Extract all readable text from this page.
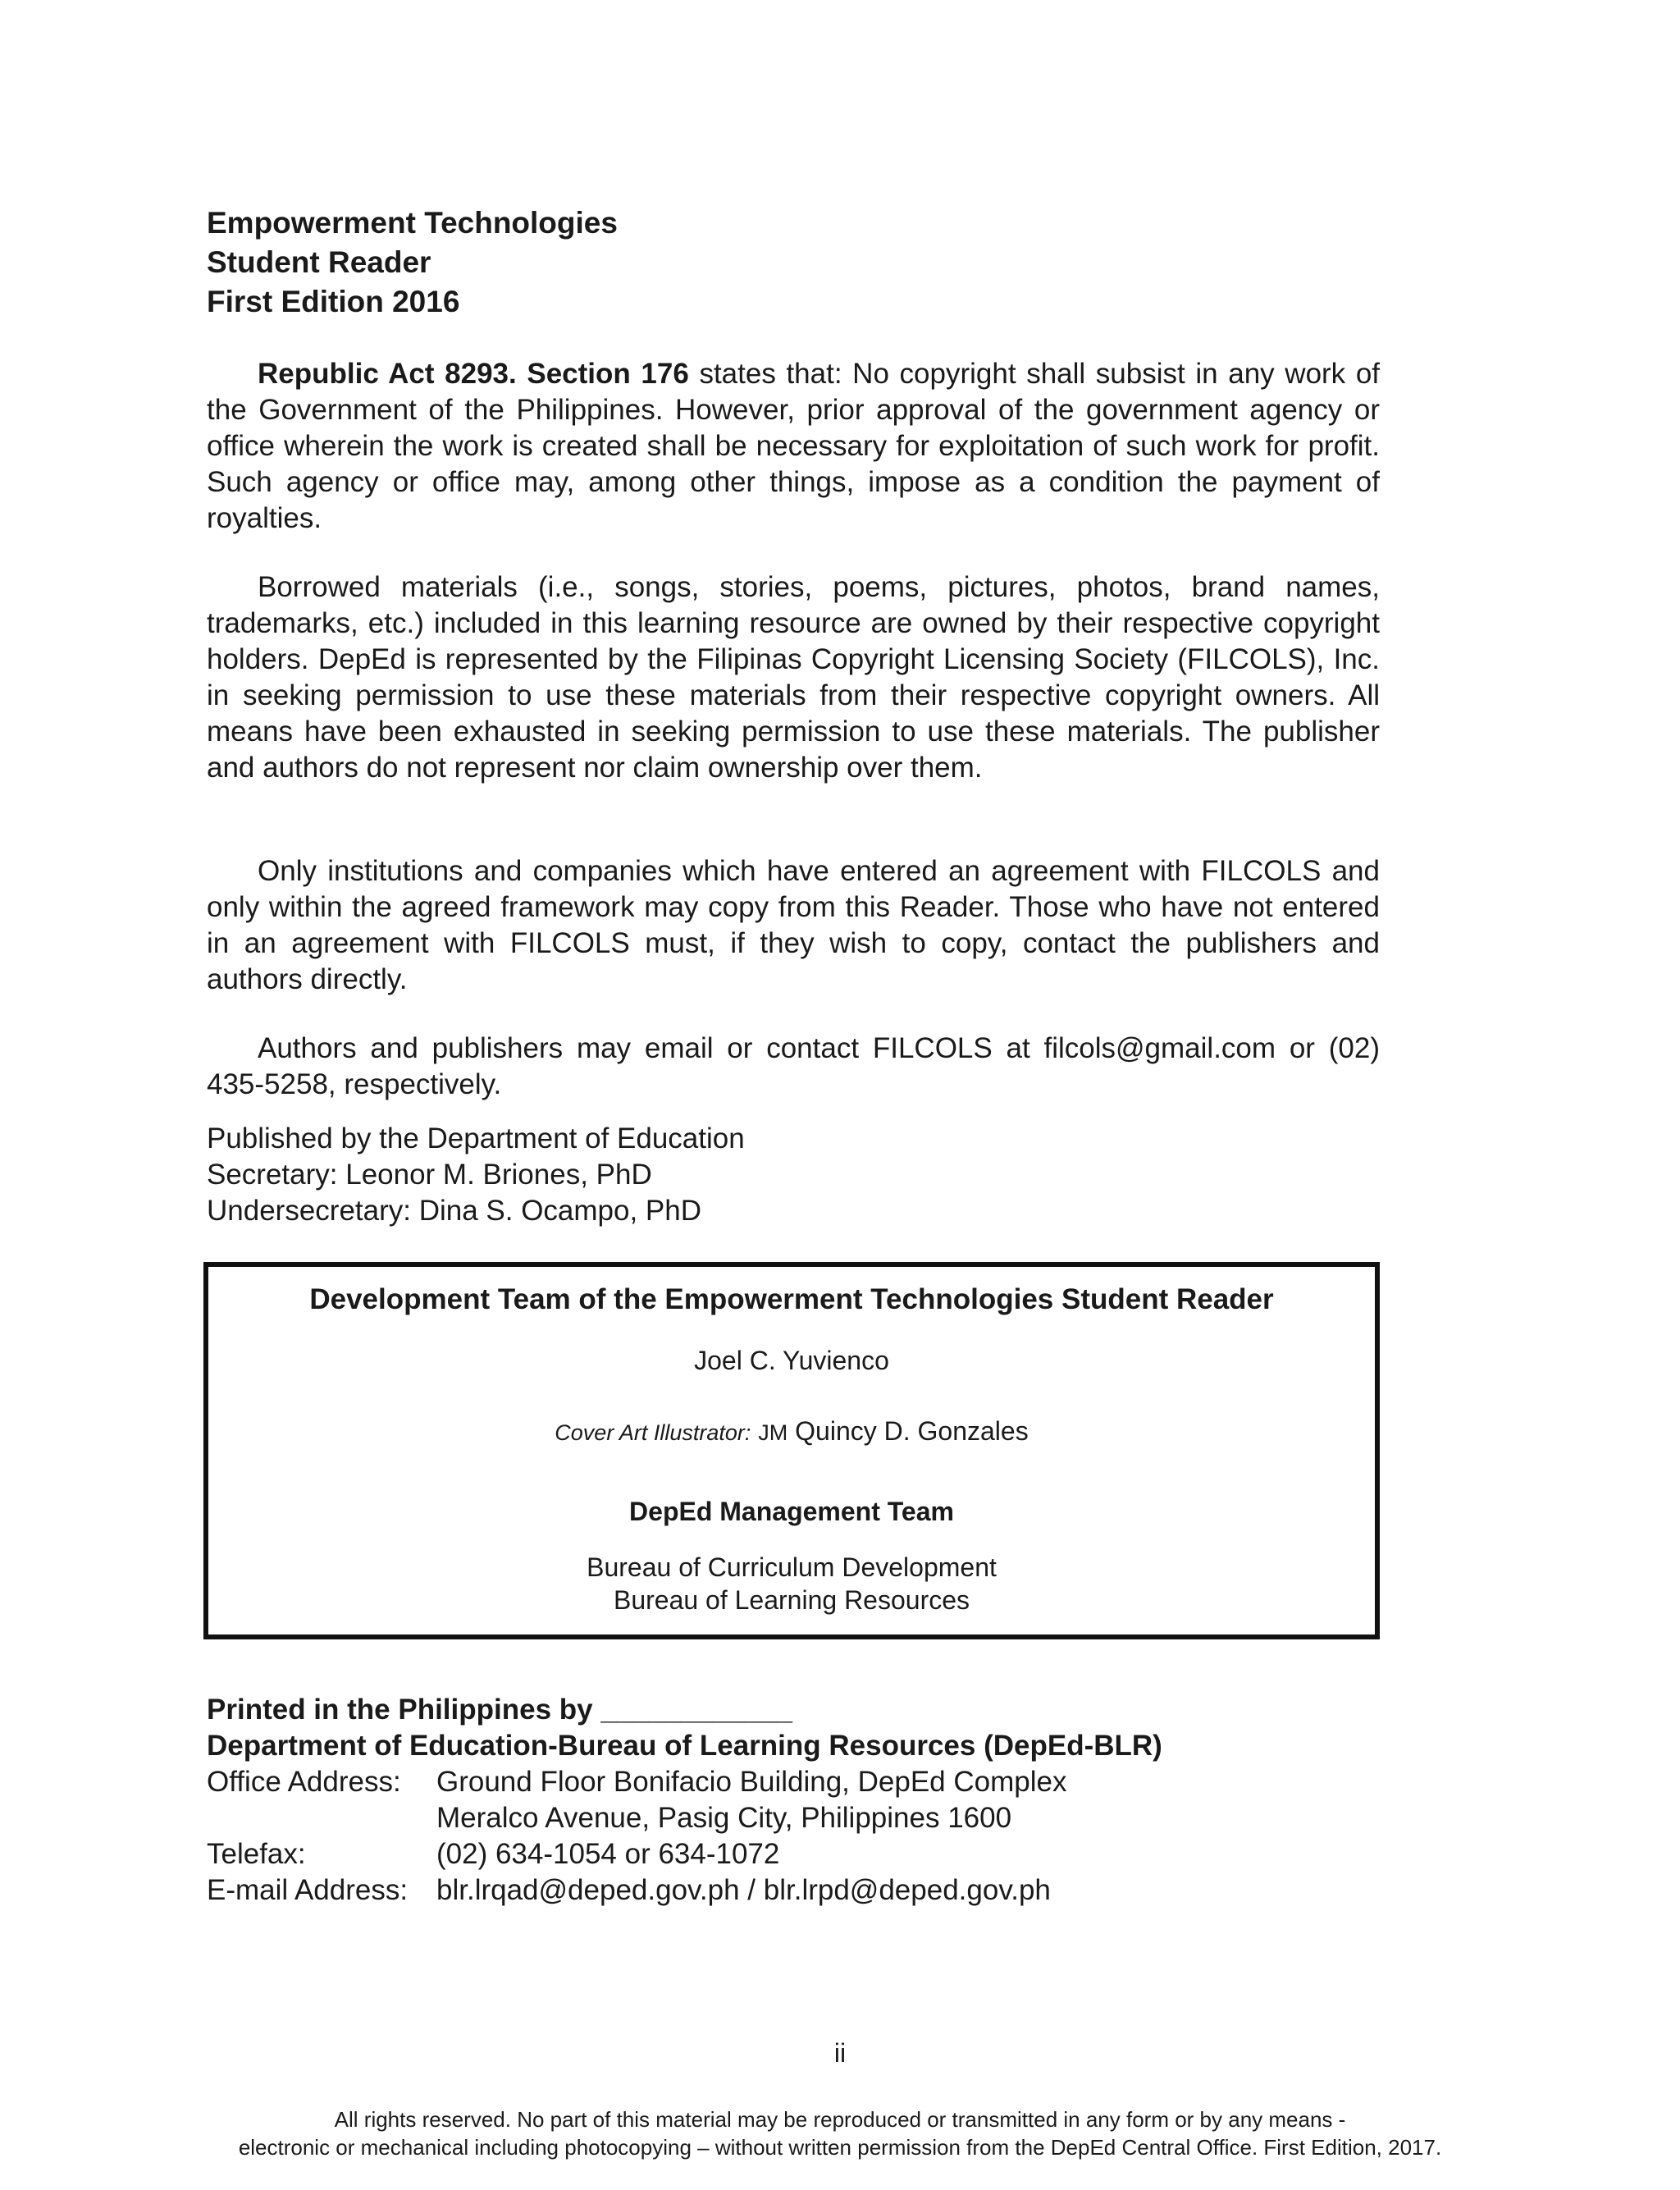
Empowerment Technologies
Student Reader
First Edition 2016
Republic Act 8293. Section 176 states that: No copyright shall subsist in any work of the Government of the Philippines. However, prior approval of the government agency or office wherein the work is created shall be necessary for exploitation of such work for profit. Such agency or office may, among other things, impose as a condition the payment of royalties.
Borrowed materials (i.e., songs, stories, poems, pictures, photos, brand names, trademarks, etc.) included in this learning resource are owned by their respective copyright holders. DepEd is represented by the Filipinas Copyright Licensing Society (FILCOLS), Inc. in seeking permission to use these materials from their respective copyright owners. All means have been exhausted in seeking permission to use these materials. The publisher and authors do not represent nor claim ownership over them.
Only institutions and companies which have entered an agreement with FILCOLS and only within the agreed framework may copy from this Reader. Those who have not entered in an agreement with FILCOLS must, if they wish to copy, contact the publishers and authors directly.
Authors and publishers may email or contact FILCOLS at filcols@gmail.com or (02) 435-5258, respectively.
Published by the Department of Education
Secretary: Leonor M. Briones, PhD
Undersecretary: Dina S. Ocampo, PhD
Development Team of the Empowerment Technologies Student Reader
Joel C. Yuvienco
Cover Art Illustrator: JM Quincy D. Gonzales
DepEd Management Team
Bureau of Curriculum Development
Bureau of Learning Resources
Printed in the Philippines by ____________
Department of Education-Bureau of Learning Resources (DepEd-BLR)
Office Address:	Ground Floor Bonifacio Building, DepEd Complex
Meralco Avenue, Pasig City, Philippines 1600
Telefax:	(02) 634-1054 or 634-1072
E-mail Address: blr.lrqad@deped.gov.ph / blr.lrpd@deped.gov.ph
ii
All rights reserved. No part of this material may be reproduced or transmitted in any form or by any means -
electronic or mechanical including photocopying – without written permission from the DepEd Central Office. First Edition, 2017.
